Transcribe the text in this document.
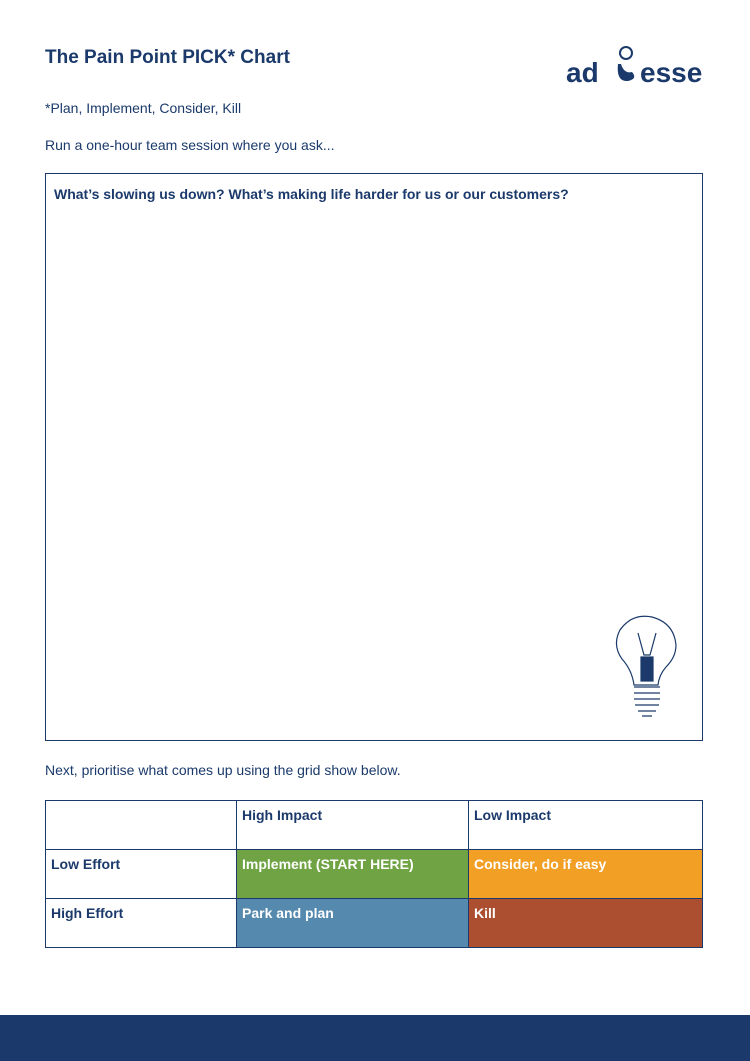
The Pain Point PICK* Chart	ad esse
*Plan, Implement, Consider, Kill
Run a one-hour team session where you ask...
What’s slowing us down? What’s making life harder for us or our customers?
Next, prioritise what comes up using the grid show below.
	High Impact	Low Impact
Low Effort	Implement (START HERE)	Consider, do if easy
High Effort	Park and plan	Kill
